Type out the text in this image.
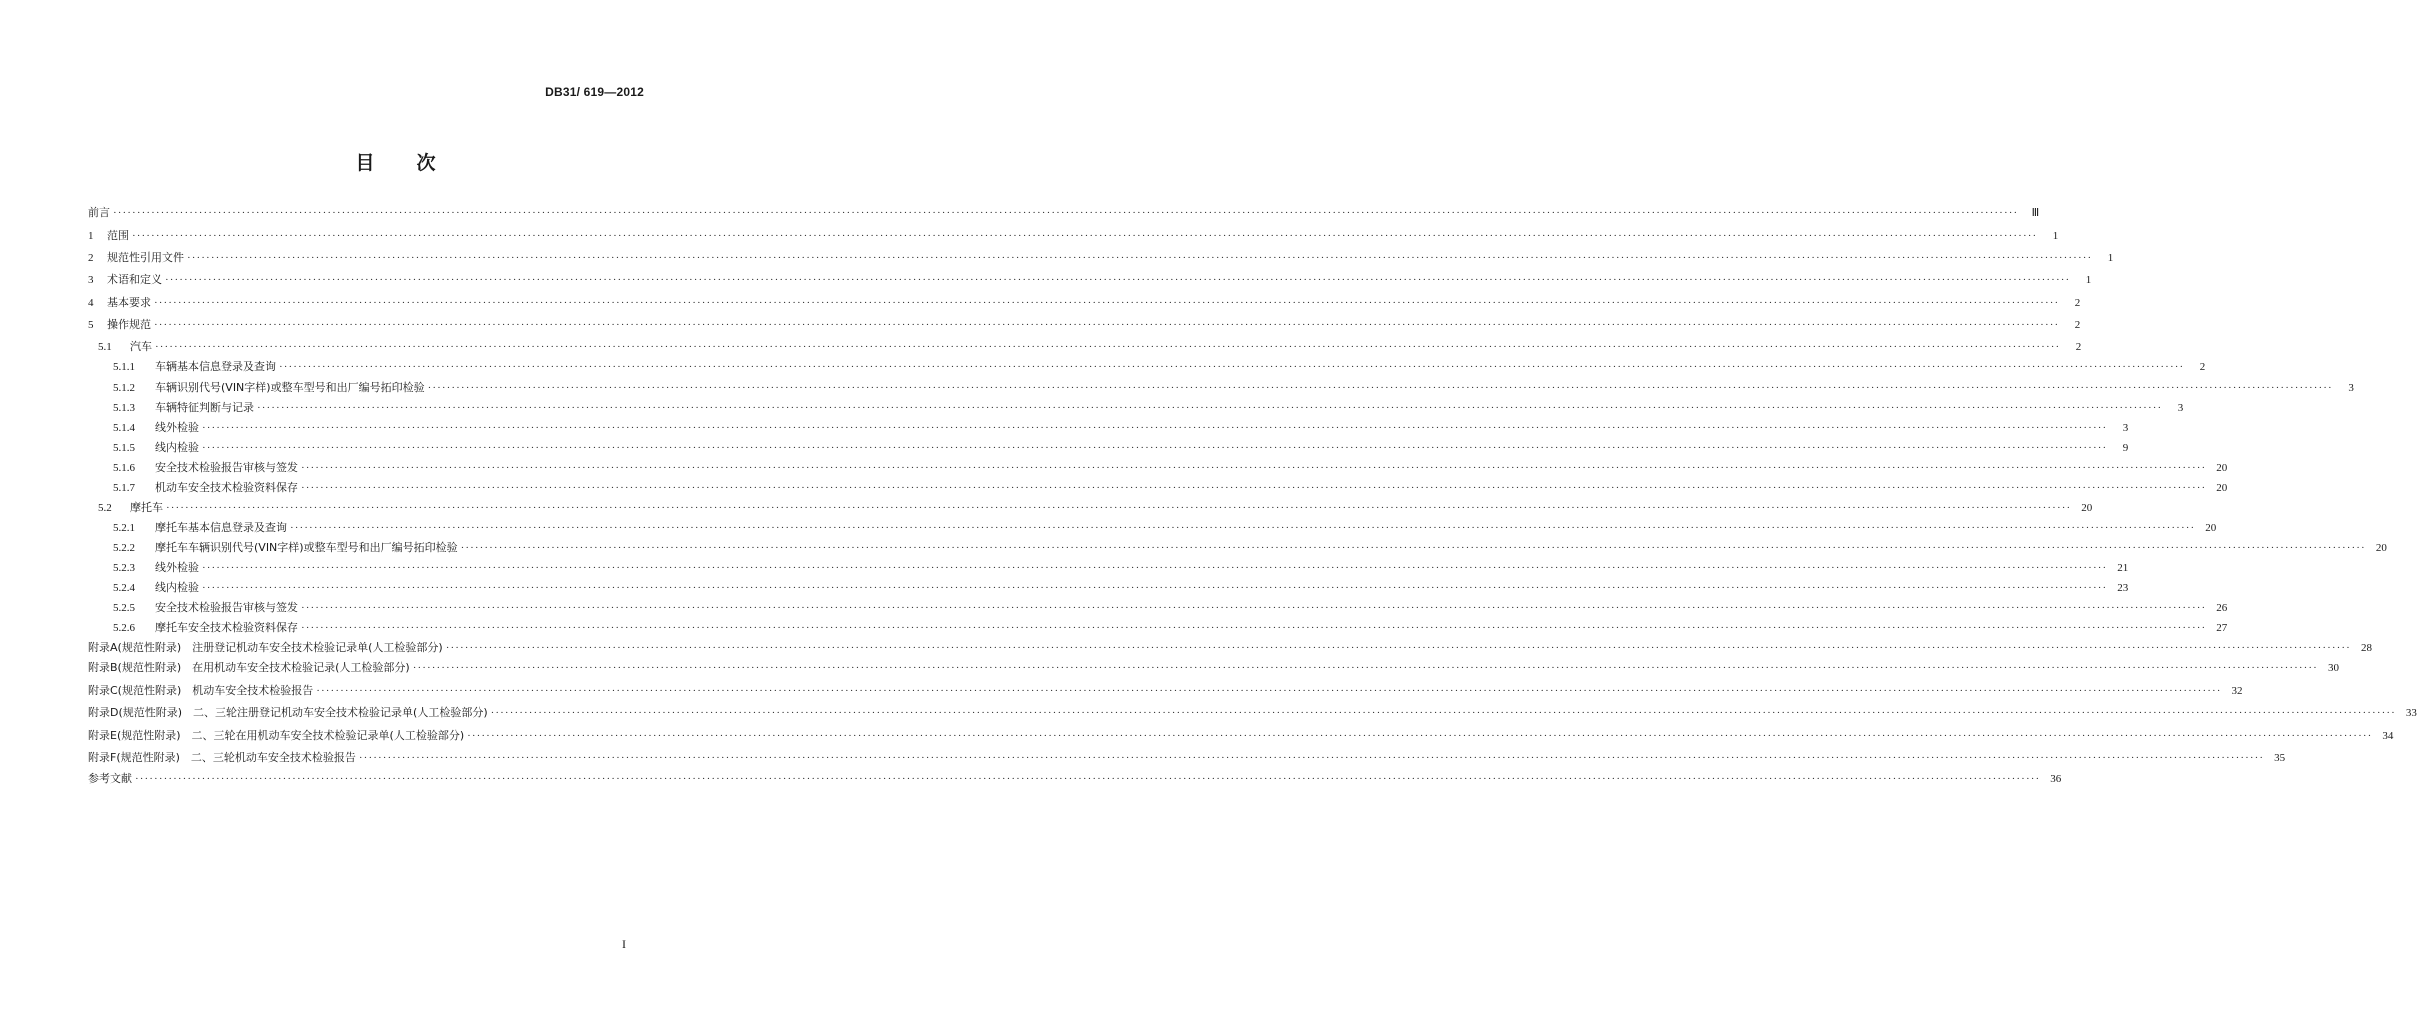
DB31/ 619—2012
目 次
前言 ················································································································································································································································································································································································································	Ⅲ
1	范围 ················································································································································································································································································································································································································	1
2	规范性引用文件 ················································································································································································································································································································································································································	1
3	术语和定义 ················································································································································································································································································································································································································	1
4	基本要求 ················································································································································································································································································································································································································	2
5	操作规范 ················································································································································································································································································································································································································	2
5.1	汽车 ················································································································································································································································································································································································································	2
5.1.1	车辆基本信息登录及查询 ················································································································································································································································································································································································································	2
5.1.2	车辆识别代号(VIN字样)或整车型号和出厂编号拓印检验 ················································································································································································································································································································································································································	3
5.1.3	车辆特征判断与记录 ················································································································································································································································································································································································································	3
5.1.4	线外检验 ················································································································································································································································································································································································································	3
5.1.5	线内检验 ················································································································································································································································································································································································································	9
5.1.6	安全技术检验报告审核与签发 ················································································································································································································································································································································································································ 20
5.1.7	机动车安全技术检验资料保存 ················································································································································································································································································································································································································ 20
5.2	摩托车 ················································································································································································································································································································································································································ 20
5.2.1	摩托车基本信息登录及查询 ················································································································································································································································································································································································································ 20
5.2.2	摩托车车辆识别代号(VIN字样)或整车型号和出厂编号拓印检验 ················································································································································································································································································································································································································ 20
5.2.3	线外检验 ················································································································································································································································································································································································································ 21
5.2.4	线内检验 ················································································································································································································································································································································································································ 23
5.2.5	安全技术检验报告审核与签发 ················································································································································································································································································································································································································ 26
5.2.6	摩托车安全技术检验资料保存 ················································································································································································································································································································································································································ 27
附录A(规范性附录)　注册登记机动车安全技术检验记录单(人工检验部分) ················································································································································································································································································································································································································ 28
附录B(规范性附录)　在用机动车安全技术检验记录(人工检验部分) ················································································································································································································································································································································································································ 30
附录C(规范性附录)　机动车安全技术检验报告 ················································································································································································································································································································································································································ 32
附录D(规范性附录)　二、三轮注册登记机动车安全技术检验记录单(人工检验部分) ················································································································································································································································································································································································································ 33
附录E(规范性附录)　二、三轮在用机动车安全技术检验记录单(人工检验部分) ················································································································································································································································································································································································································ 34
附录F(规范性附录)　二、三轮机动车安全技术检验报告 ················································································································································································································································································································································································································ 35
参考文献 ················································································································································································································································································································································································································ 36
I
